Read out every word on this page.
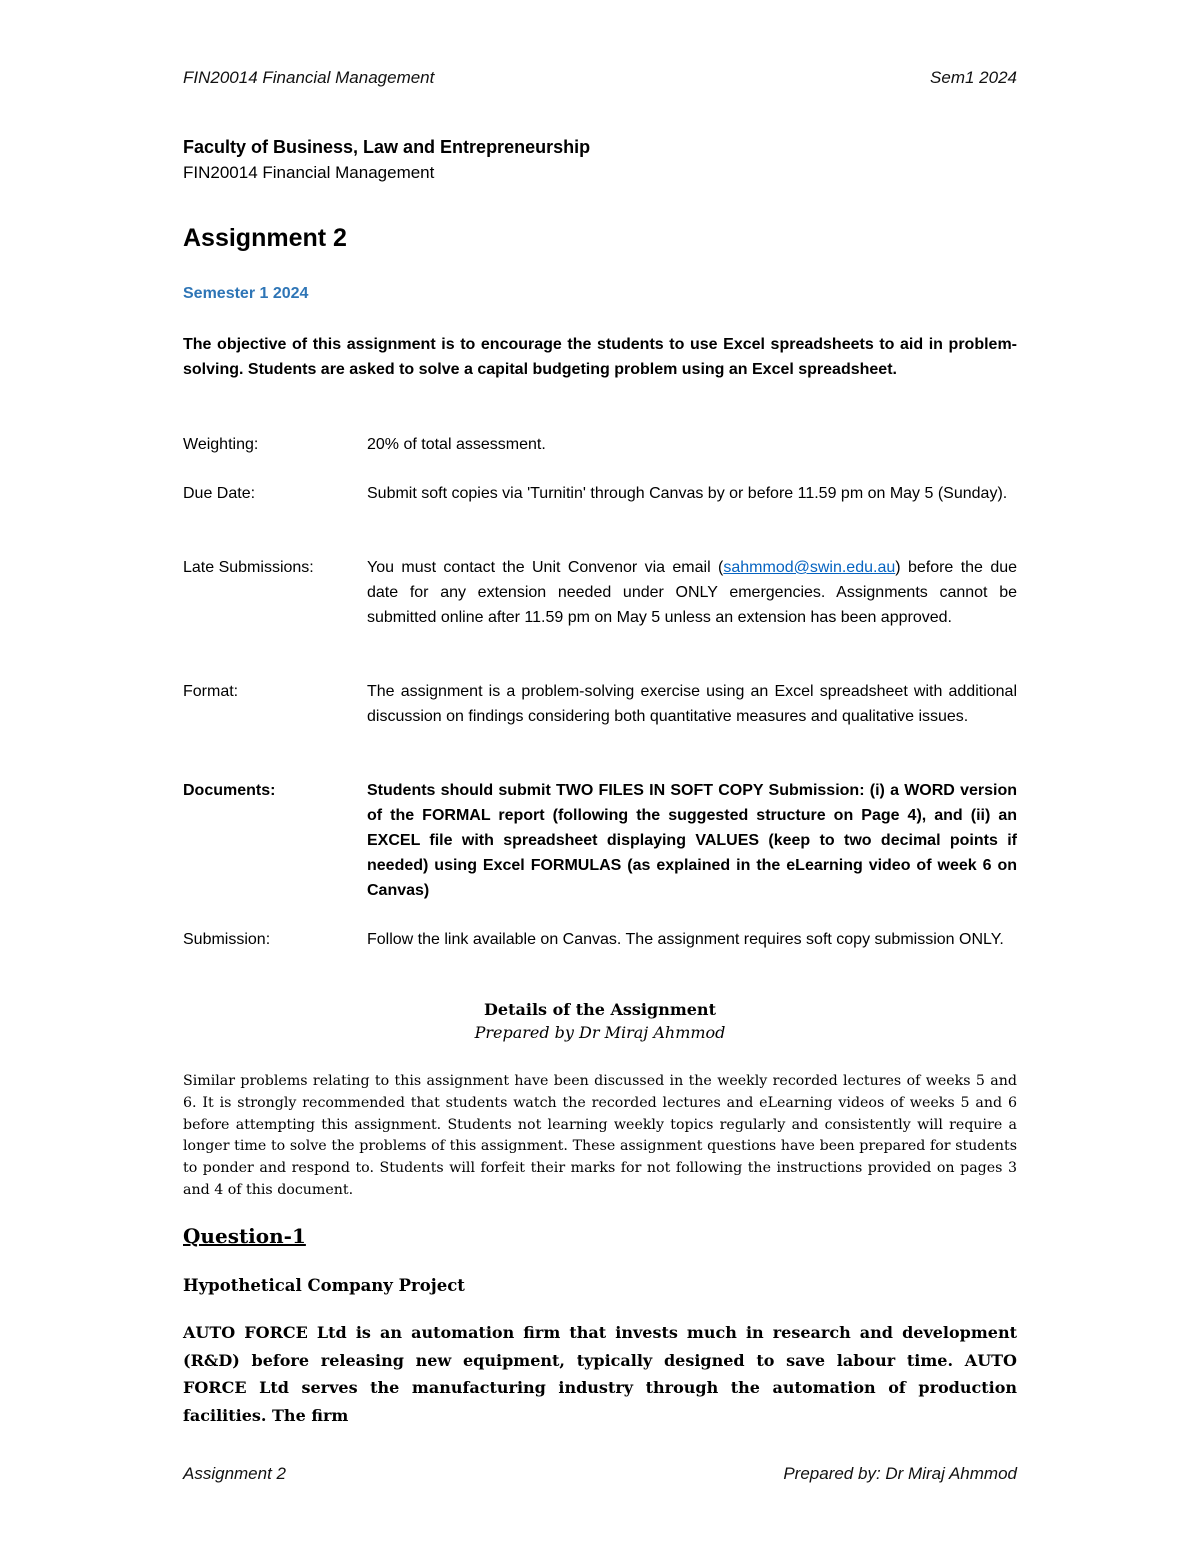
FIN20014 Financial Management	Sem1 2024
Faculty of Business, Law and Entrepreneurship
FIN20014 Financial Management
Assignment 2
Semester 1 2024
The objective of this assignment is to encourage the students to use Excel spreadsheets to aid in problem-solving. Students are asked to solve a capital budgeting problem using an Excel spreadsheet.
Weighting:	20% of total assessment.
Due Date:	Submit soft copies via 'Turnitin' through Canvas by or before 11.59 pm on May 5 (Sunday).
Late Submissions:	You must contact the Unit Convenor via email (sahmmod@swin.edu.au) before the due date for any extension needed under ONLY emergencies. Assignments cannot be submitted online after 11.59 pm on May 5 unless an extension has been approved.
Format:	The assignment is a problem-solving exercise using an Excel spreadsheet with additional discussion on findings considering both quantitative measures and qualitative issues.
Documents:	Students should submit TWO FILES IN SOFT COPY Submission: (i) a WORD version of the FORMAL report (following the suggested structure on Page 4), and (ii) an EXCEL file with spreadsheet displaying VALUES (keep to two decimal points if needed) using Excel FORMULAS (as explained in the eLearning video of week 6 on Canvas)
Submission:	Follow the link available on Canvas. The assignment requires soft copy submission ONLY.
Details of the Assignment
Prepared by Dr Miraj Ahmmod
Similar problems relating to this assignment have been discussed in the weekly recorded lectures of weeks 5 and 6. It is strongly recommended that students watch the recorded lectures and eLearning videos of weeks 5 and 6 before attempting this assignment. Students not learning weekly topics regularly and consistently will require a longer time to solve the problems of this assignment. These assignment questions have been prepared for students to ponder and respond to. Students will forfeit their marks for not following the instructions provided on pages 3 and 4 of this document.
Question-1
Hypothetical Company Project
AUTO FORCE Ltd is an automation firm that invests much in research and development (R&D) before releasing new equipment, typically designed to save labour time. AUTO FORCE Ltd serves the manufacturing industry through the automation of production facilities. The firm
Assignment 2	Prepared by: Dr Miraj Ahmmod
